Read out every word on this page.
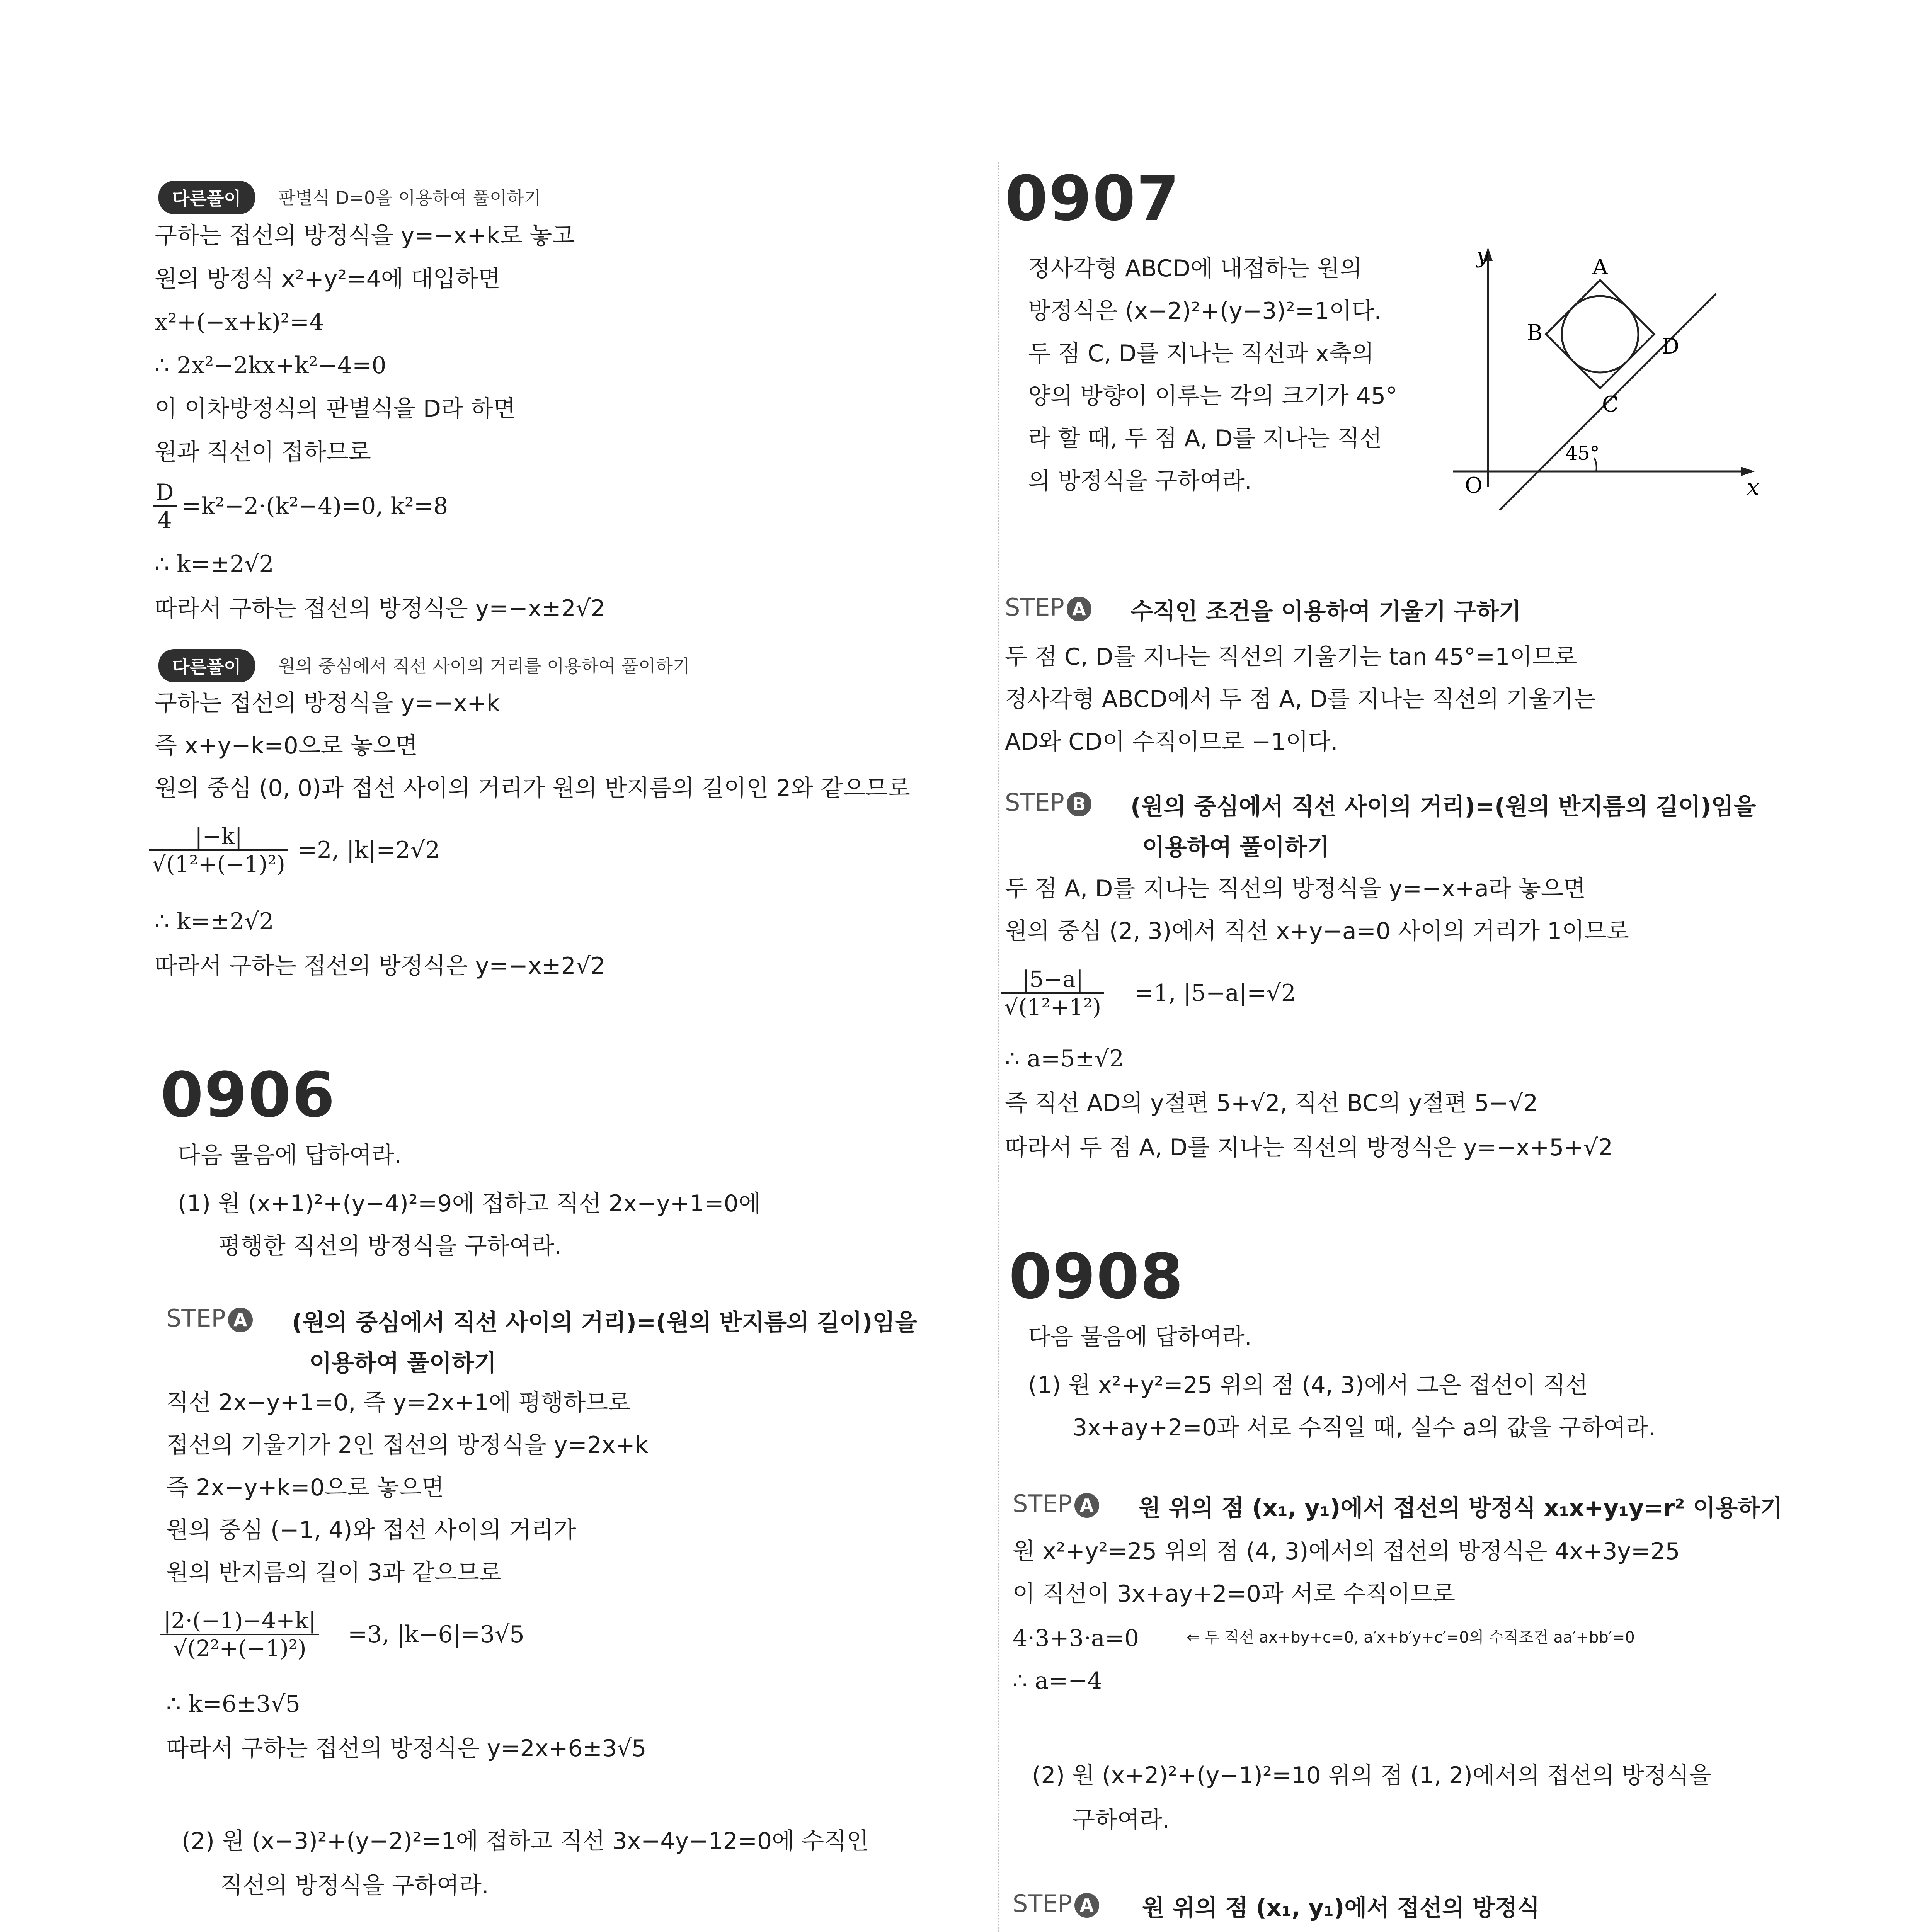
다른풀이	판별식 D=0을 이용하여 풀이하기
구하는 접선의 방정식을 y=−x+k로 놓고
원의 방정식 x²+y²=4에 대입하면
x²+(−x+k)²=4
∴ 2x²−2kx+k²−4=0
이 이차방정식의 판별식을 D라 하면
원과 직선이 접하므로
$\frac{D}{4} =k^2-2\cdot(k^2-4)=0$, k²=8
∴ k=±2√2
따라서 구하는 접선의 방정식은 y=−x±2√2
다른풀이	원의 중심에서 직선 사이의 거리를 이용하여 풀이하기
구하는 접선의 방정식을 y=−x+k
즉 x+y−k=0으로 놓으면
원의 중심 (0, 0)과 접선 사이의 거리가 원의 반지름의 길이인 2와 같으므로
$\frac{|-k|}{\text{√(1²+(−1)²)}} =2$, |k|=2√2
∴ k=±2√2
따라서 구하는 접선의 방정식은 y=−x±2√2
0906
다음 물음에 답하여라.
(1) 원 (x+1)²+(y−4)²=9에 접하고 직선 2x−y+1=0에
평행한 직선의 방정식을 구하여라.
STEP A (원의 중심에서 직선 사이의 거리)=(원의 반지름의 길이)임을
이용하여 풀이하기
직선 2x−y+1=0, 즉 y=2x+1에 평행하므로
접선의 기울기가 2인 접선의 방정식을 y=2x+k
즉 2x−y+k=0으로 놓으면
원의 중심 (−1, 4)와 접선 사이의 거리가
원의 반지름의 길이 3과 같으므로
$\frac{|2\cdot(-1)-4+k|}{\text{√(2²+(−1)²)}} =3$, |k−6|=3√5
∴ k=6±3√5
따라서 구하는 접선의 방정식은 y=2x+6±3√5
(2) 원 (x−3)²+(y−2)²=1에 접하고 직선 3x−4y−12=0에 수직인
직선의 방정식을 구하여라.
0907
정사각형 ABCD에 내접하는 원의
방정식은 (x−2)²+(y−3)²=1이다.
두 점 C, D를 지나는 직선과 x축의
양의 방향이 이루는 각의 크기가 45°
라 할 때, 두 점 A, D를 지나는 직선
의 방정식을 구하여라.
y
x
O
A
B
C
D
45°
STEP A 수직인 조건을 이용하여 기울기 구하기
두 점 C, D를 지나는 직선의 기울기는 tan 45°=1이므로
정사각형 ABCD에서 두 점 A, D를 지나는 직선의 기울기는
AD와 CD이 수직이므로 −1이다.
STEP B (원의 중심에서 직선 사이의 거리)=(원의 반지름의 길이)임을
이용하여 풀이하기
두 점 A, D를 지나는 직선의 방정식을 y=−x+a라 놓으면
원의 중심 (2, 3)에서 직선 x+y−a=0 사이의 거리가 1이므로
$\frac{|5-a|}{\text{√(1²+1²)}} =1$, |5−a|=√2
∴ a=5±√2
즉 직선 AD의 y절편 5+√2, 직선 BC의 y절편 5−√2
따라서 두 점 A, D를 지나는 직선의 방정식은 y=−x+5+√2
0908
다음 물음에 답하여라.
(1) 원 x²+y²=25 위의 점 (4, 3)에서 그은 접선이 직선
3x+ay+2=0과 서로 수직일 때, 실수 a의 값을 구하여라.
STEP A 원 위의 점 (x₁, y₁)에서 접선의 방정식 x₁x+y₁y=r² 이용하기
원 x²+y²=25 위의 점 (4, 3)에서의 접선의 방정식은 4x+3y=25
이 직선이 3x+ay+2=0과 서로 수직이므로
4·3+3·a=0	⇐ 두 직선 ax+by+c=0, a′x+b′y+c′=0의 수직조건 aa′+bb′=0
∴ a=−4
(2) 원 (x+2)²+(y−1)²=10 위의 점 (1, 2)에서의 접선의 방정식을
구하여라.
STEP A 원 위의 점 (x₁, y₁)에서 접선의 방정식
